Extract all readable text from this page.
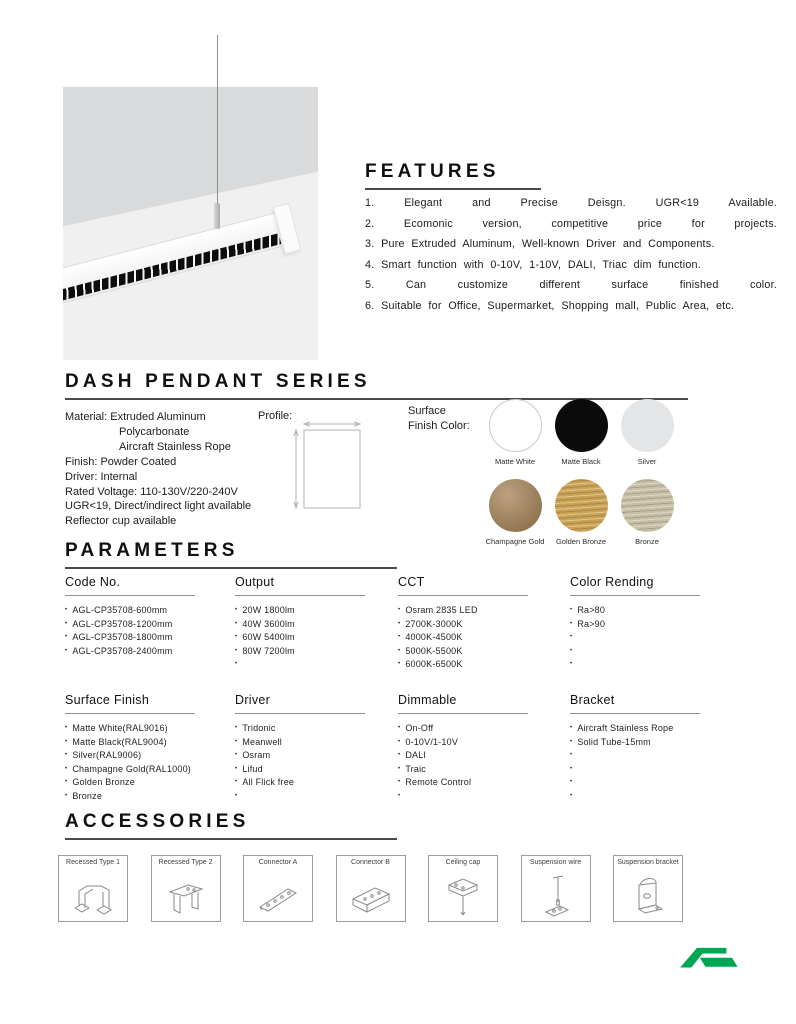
FEATURES

1. Elegant and Precise Deisgn. UGR<19 Available.

2. Ecomonic version, competitive price for projects.

3. Pure Extruded Aluminum, Well-known Driver and Components.

4. Smart function with 0-10V, 1-10V, DALI, Triac dim function.

5. Can customize different surface finished color.

6. Suitable for Office, Supermarket, Shopping mall, Public Area, etc.

DASH PENDANT SERIES
Material: Extruded Aluminum
Polycarbonate
Aircraft Stainless Rope
Finish: Powder Coated
Driver: Internal
Rated Voltage: 110-130V/220-240V
UGR<19, Direct/indirect light available
Reflector cup available
Profile:	Surface
Finish Color:
Matte White	Matte Black	Silver
Champagne Gold Golden Bronze	Bronze
PARAMETERS
Code No.
• AGL-CP35708-600mm
• AGL-CP35708-1200mm
• AGL-CP35708-1800mm
• AGL-CP35708-2400mm
Output
• 20W 1800lm
• 40W 3600lm
• 60W 5400lm
• 80W 7200lm
•
CCT
• Osram 2835 LED
• 2700K-3000K
• 4000K-4500K
• 5000K-5500K
• 6000K-6500K
Color Rending
• Ra>80
• Ra>90
•
•
•
Surface Finish
• Matte White(RAL9016)
• Matte Black(RAL9004)
• Silver(RAL9006)
• Champagne Gold(RAL1000)
• Golden Bronze
• Bronze
Driver
• Tridonic
• Meanwell
• Osram
• Lifud
• All Flick free
•
Dimmable
• On-Off
• 0-10V/1-10V
• DALI
• Traic
• Remote Control
•
Bracket
• Aircraft Stainless Rope
• Solid Tube-15mm
•
•
•
•
ACCESSORIES
Recessed Type 1	Recessed Type 2	Connector A	Connector B	Ceiling cap	Suspension wire	Suspension bracket
